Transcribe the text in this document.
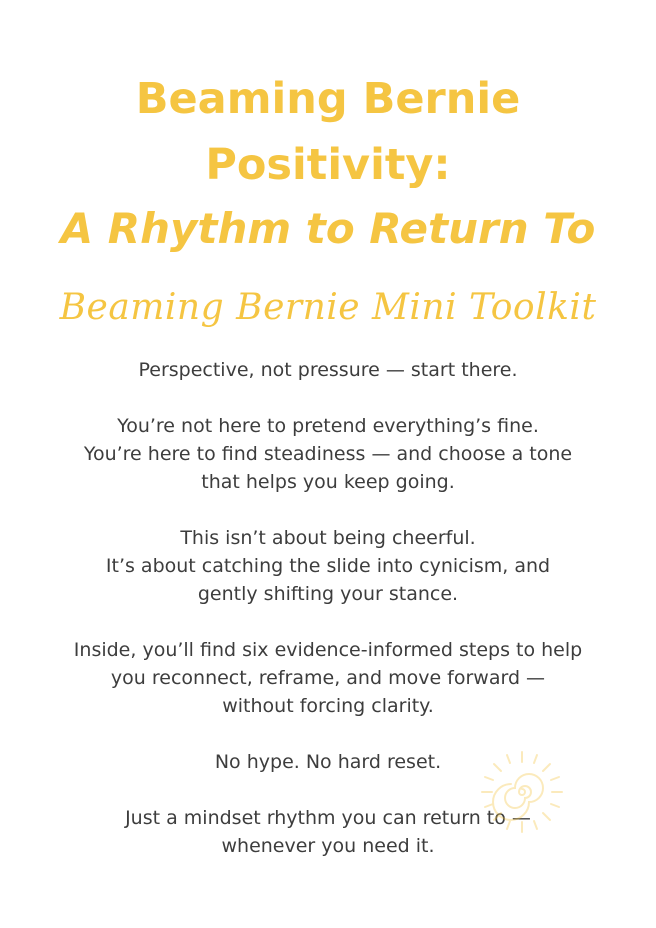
Beaming Bernie
Positivity:
A Rhythm to Return To
Beaming Bernie Mini Toolkit

Perspective, not pressure — start there.

You’re not here to pretend everything’s fine.
You’re here to find steadiness — and choose a tone
that helps you keep going.

This isn’t about being cheerful.
It’s about catching the slide into cynicism, and
gently shifting your stance.

Inside, you’ll find six evidence-informed steps to help
you reconnect, reframe, and move forward —
without forcing clarity.

No hype. No hard reset.

Just a mindset rhythm you can return to —
whenever you need it.
